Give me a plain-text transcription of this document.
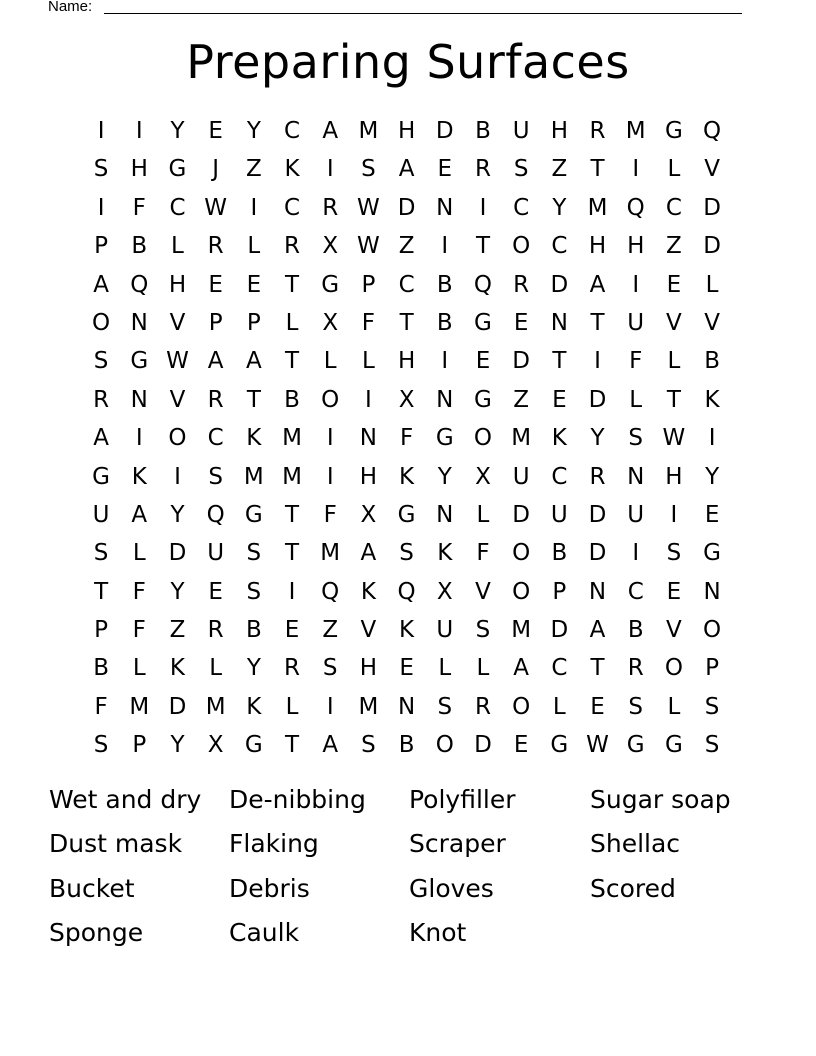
Name:
Preparing Surfaces
I	I	Y	E	Y	C A M H D B U H R M G Q
S H G	J	Z K	I	S	A	E R S	Z	T	I	L	V
I	F	C W	I	C R W D N	I	C	Y M Q C D
P	B	L	R	L	R X W Z	I	T O C H H Z D
A Q H E	E	T G P	C B Q R D A	I	E	L
O N V	P	P	L	X	F	T	B G E N T U V V
S G W A A	T	L	L	H	I	E D T	I	F	L	B
R N V R	T	B O	I	X N G Z	E D L	T	K
A	I	O C K M	I	N F G O M K	Y	S W	I
G K	I	S M M	I	H K	Y	X U C R N H Y
U A	Y Q G T	F	X G N	L D U D U	I	E
S	L D U S	T M A	S	K	F O B D	I	S G
T	F	Y	E	S	I	Q K Q X V O P N C E N
P	F	Z R B	E	Z V K U S M D A B V O
B	L	K	L	Y	R S H E	L	L	A C	T	R O P
F M D M K	L	I	M N S R O L	E	S	L	S
S	P	Y	X G T	A	S	B O D E G W G G S
Wet and dry	De-nibbing	Polyfiller	Sugar soap
Dust mask	Flaking	Scraper	Shellac
Bucket	Debris	Gloves	Scored
Sponge	Caulk	Knot
